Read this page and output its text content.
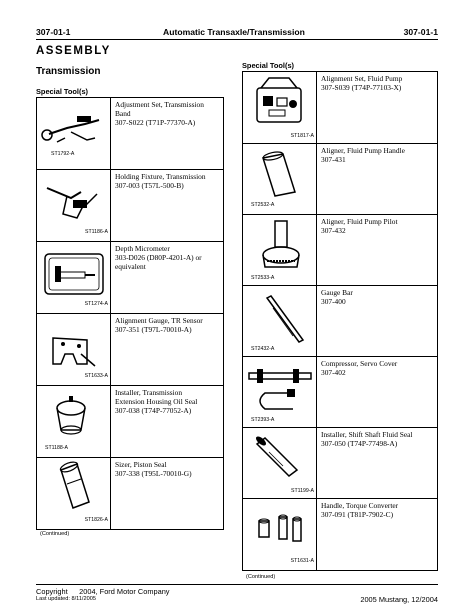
307-01-1	Automatic Transaxle/Transmission	307-01-1
ASSEMBLY
Transmission
Special Tool(s)
ST1792-A
Adjustment Set, Transmission
Band
307-S022 (T71P-77370-A)
ST1186-A
Holding Fixture, Transmission
307-003 (T57L-500-B)
ST1274-A
Depth Micrometer
303-D026 (D80P-4201-A) or
equivalent
ST1633-A
Alignment Gauge, TR Sensor
307-351 (T97L-70010-A)
ST1188-A
Installer, Transmission
Extension Housing Oil Seal
307-038 (T74P-77052-A)
ST1826-A
Sizer, Piston Seal
307-338 (T95L-70010-G)
(Continued)
Special Tool(s)
ST1817-A
Alignment Set, Fluid Pump
307-S039 (T74P-77103-X)
ST2532-A
Aligner, Fluid Pump Handle
307-431
ST2533-A
Aligner, Fluid Pump Pilot
307-432
ST2432-A
Gauge Bar
307-400
ST2393-A
Compressor, Servo Cover
307-402
ST1199-A
Installer, Shift Shaft Fluid Seal
307-050 (T74P-77498-A)
ST1631-A
Handle, Torque Converter
307-091 (T81P-7902-C)
(Continued)
Copyright   2004, Ford Motor Company
Last updated: 8/11/2005	2005 Mustang, 12/2004
